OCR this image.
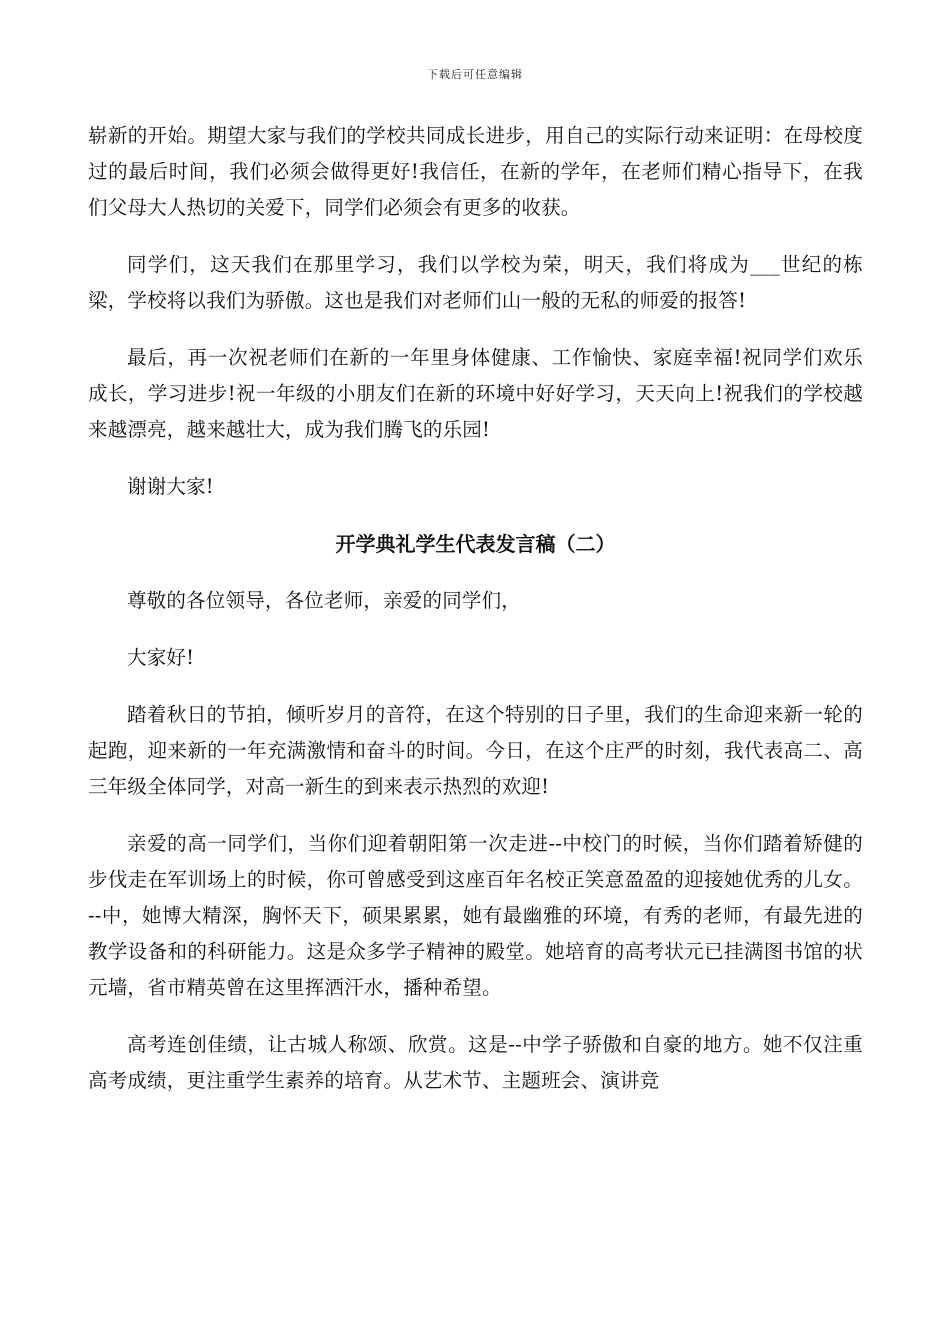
下载后可任意编辑

崭新的开始。期望大家与我们的学校共同成长进步，用自己的实际行动来证明：在母校度过的最后时间，我们必须会做得更好!我信任，在新的学年，在老师们精心指导下，在我们父母大人热切的关爱下，同学们必须会有更多的收获。

同学们，这天我们在那里学习，我们以学校为荣，明天，我们将成为___世纪的栋梁，学校将以我们为骄傲。这也是我们对老师们山一般的无私的师爱的报答!

最后，再一次祝老师们在新的一年里身体健康、工作愉快、家庭幸福!祝同学们欢乐成长，学习进步!祝一年级的小朋友们在新的环境中好好学习，天天向上!祝我们的学校越来越漂亮，越来越壮大，成为我们腾飞的乐园!

谢谢大家!

开学典礼学生代表发言稿（二）

尊敬的各位领导，各位老师，亲爱的同学们，

大家好!

踏着秋日的节拍，倾听岁月的音符，在这个特别的日子里，我们的生命迎来新一轮的起跑，迎来新的一年充满激情和奋斗的时间。今日，在这个庄严的时刻，我代表高二、高三年级全体同学，对高一新生的到来表示热烈的欢迎!

亲爱的高一同学们，当你们迎着朝阳第一次走进--中校门的时候，当你们踏着矫健的步伐走在军训场上的时候，你可曾感受到这座百年名校正笑意盈盈的迎接她优秀的儿女。--中，她博大精深，胸怀天下，硕果累累，她有最幽雅的环境，有秀的老师，有最先进的教学设备和的科研能力。这是众多学子精神的殿堂。她培育的高考状元已挂满图书馆的状元墙，省市精英曾在这里挥洒汗水，播种希望。

高考连创佳绩，让古城人称颂、欣赏。这是--中学子骄傲和自豪的地方。她不仅注重高考成绩，更注重学生素养的培育。从艺术节、主题班会、演讲竞
